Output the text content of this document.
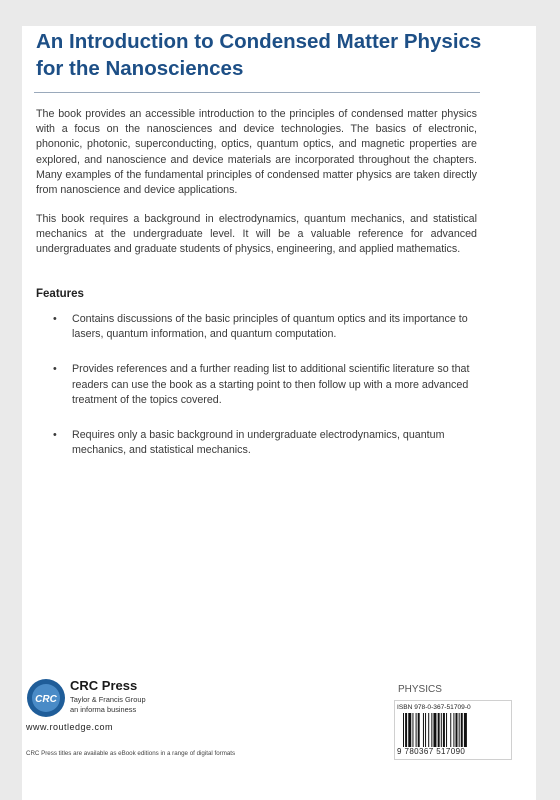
An Introduction to Condensed Matter Physics
for the Nanosciences

The book provides an accessible introduction to the principles of condensed matter physics with a focus on the nanosciences and device technologies. The basics of electronic, phononic, photonic, superconducting, optics, quantum optics, and magnetic properties are explored, and nanoscience and device materials are incorporated throughout the chapters. Many examples of the fundamental principles of condensed matter physics are taken directly from nanoscience and device applications.

This book requires a background in electrodynamics, quantum mechanics, and statistical mechanics at the undergraduate level. It will be a valuable reference for advanced undergraduates and graduate students of physics, engineering, and applied mathematics.

Features
• Contains discussions of the basic principles of quantum optics and its importance to lasers, quantum information, and quantum computation.
• Provides references and a further reading list to additional scientific literature so that readers can use the book as a starting point to then follow up with a more advanced treatment of the topics covered.
• Requires only a basic background in undergraduate electrodynamics, quantum mechanics, and statistical mechanics.
CRC
CRC Press
Taylor & Francis Group
an informa business
www.routledge.com
CRC Press titles are available as eBook editions in a range of digital formats
PHYSICS
ISBN 978-0-367-51709-0
9 780367 517090
